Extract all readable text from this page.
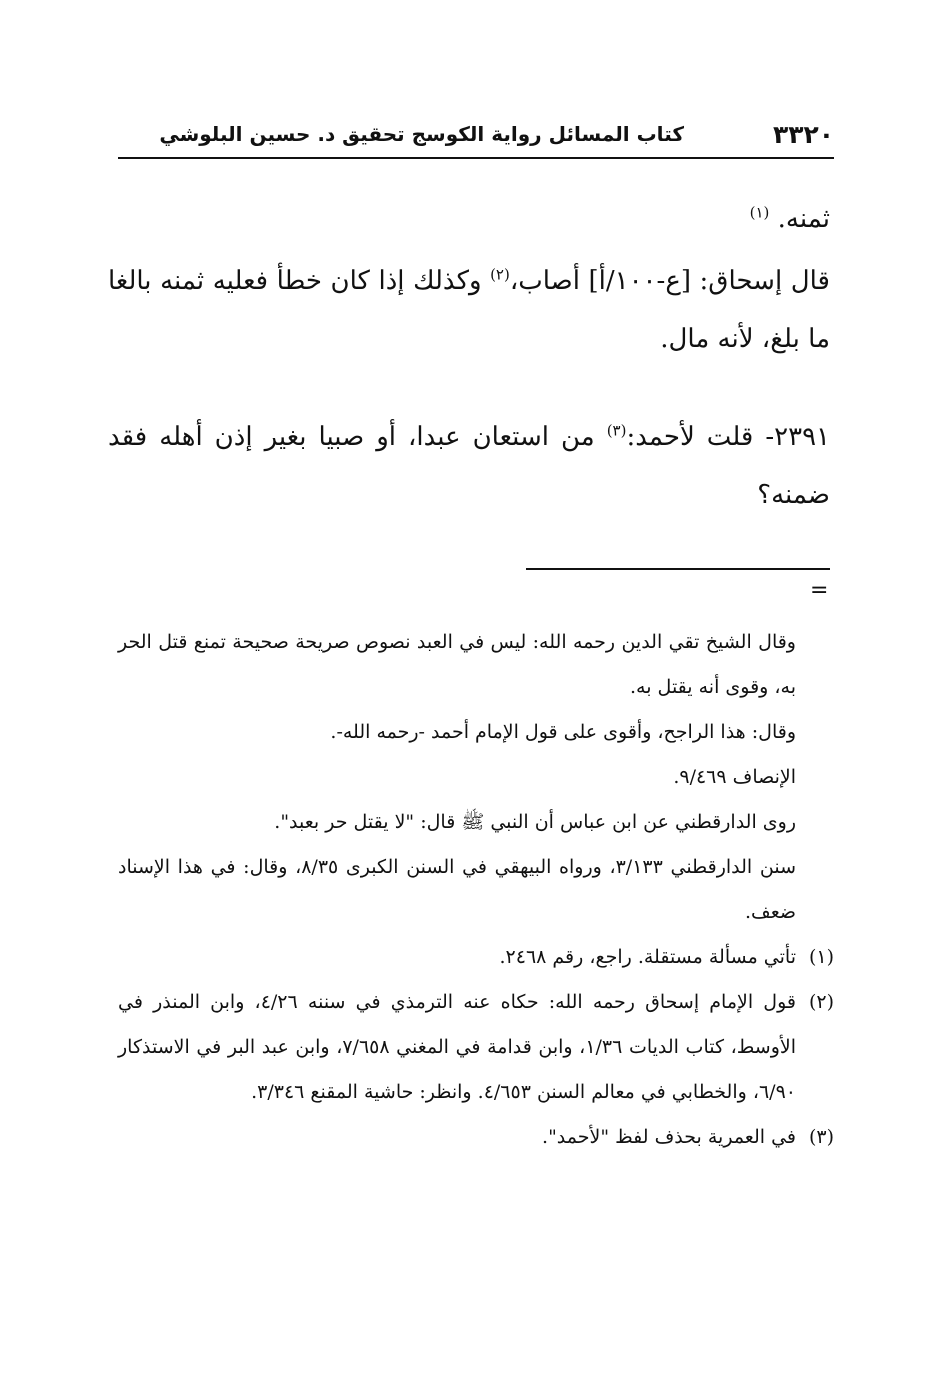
٣٣٢٠
كتاب المسائل رواية الكوسج تحقيق د. حسين البلوشي

ثمنه. $^{(١)}$

قال إسحاق: [ع-١٠٠/أ] أصاب،$^{(٢)}$ وكذلك إذا كان خطأ فعليه ثمنه بالغا ما بلغ، لأنه مال.

٢٣٩١- قلت لأحمد:$^{(٣)}$ من استعان عبدا، أو صبيا بغير إذن أهله فقد ضمنه؟

=

وقال الشيخ تقي الدين رحمه الله: ليس في العبد نصوص صريحة صحيحة تمنع قتل الحر به، وقوى أنه يقتل به.

وقال: هذا الراجح، وأقوى على قول الإمام أحمد -رحمه الله-.

الإنصاف ٩/٤٦٩.

روى الدارقطني عن ابن عباس أن النبي ﷺ قال: "لا يقتل حر بعبد".

سنن الدارقطني ٣/١٣٣، ورواه البيهقي في السنن الكبرى ٨/٣٥، وقال: في هذا الإسناد ضعف.

(١)
تأتي مسألة مستقلة. راجع، رقم ٢٤٦٨.
(٢)
قول الإمام إسحاق رحمه الله: حكاه عنه الترمذي في سننه ٤/٢٦، وابن المنذر في الأوسط، كتاب الديات ١/٣٦، وابن قدامة في المغني ٧/٦٥٨، وابن عبد البر في الاستذكار ٦/٩٠، والخطابي في معالم السنن ٤/٦٥٣. وانظر: حاشية المقنع ٣/٣٤٦.
(٣)
في العمرية بحذف لفظ "لأحمد".
